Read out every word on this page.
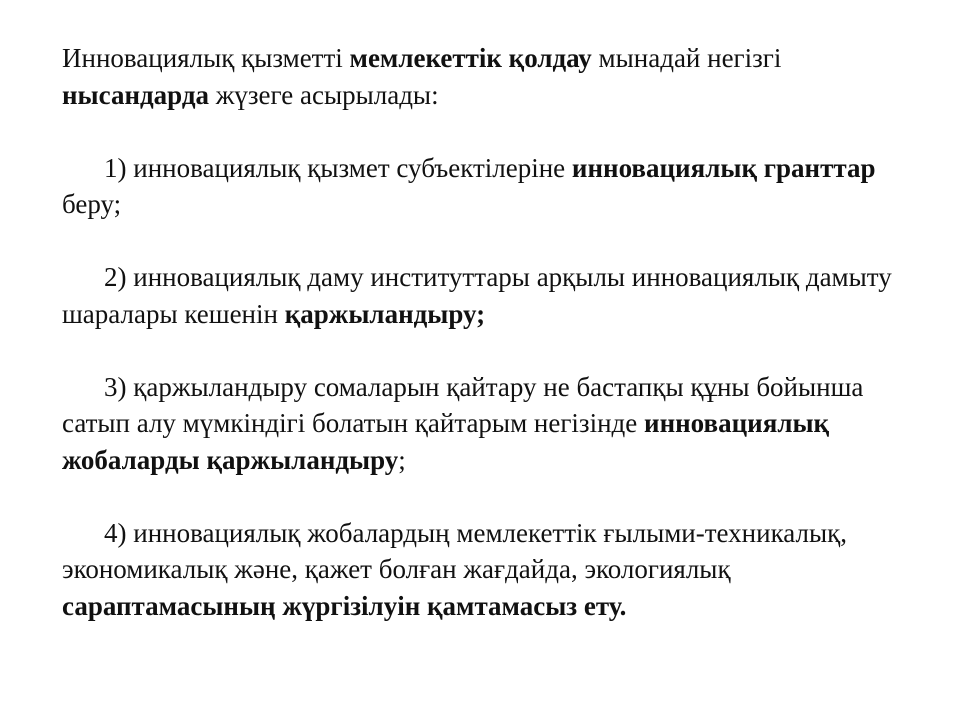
Инновациялық қызметті мемлекеттік қолдау мынадай негізгі нысандарда жүзеге асырылады:

1) инновациялық қызмет субъектілеріне инновациялық гранттар беру;

2) инновациялық даму институттары арқылы инновациялық дамыту шаралары кешенін қаржыландыру;

3) қаржыландыру сомаларын қайтару не бастапқы құны бойынша сатып алу мүмкіндігі болатын қайтарым негізінде инновациялық жобаларды қаржыландыру;

4) инновациялық жобалардың мемлекеттік ғылыми-техникалық, экономикалық және, қажет болған жағдайда, экологиялық сараптамасының жүргізілуін қамтамасыз ету.
